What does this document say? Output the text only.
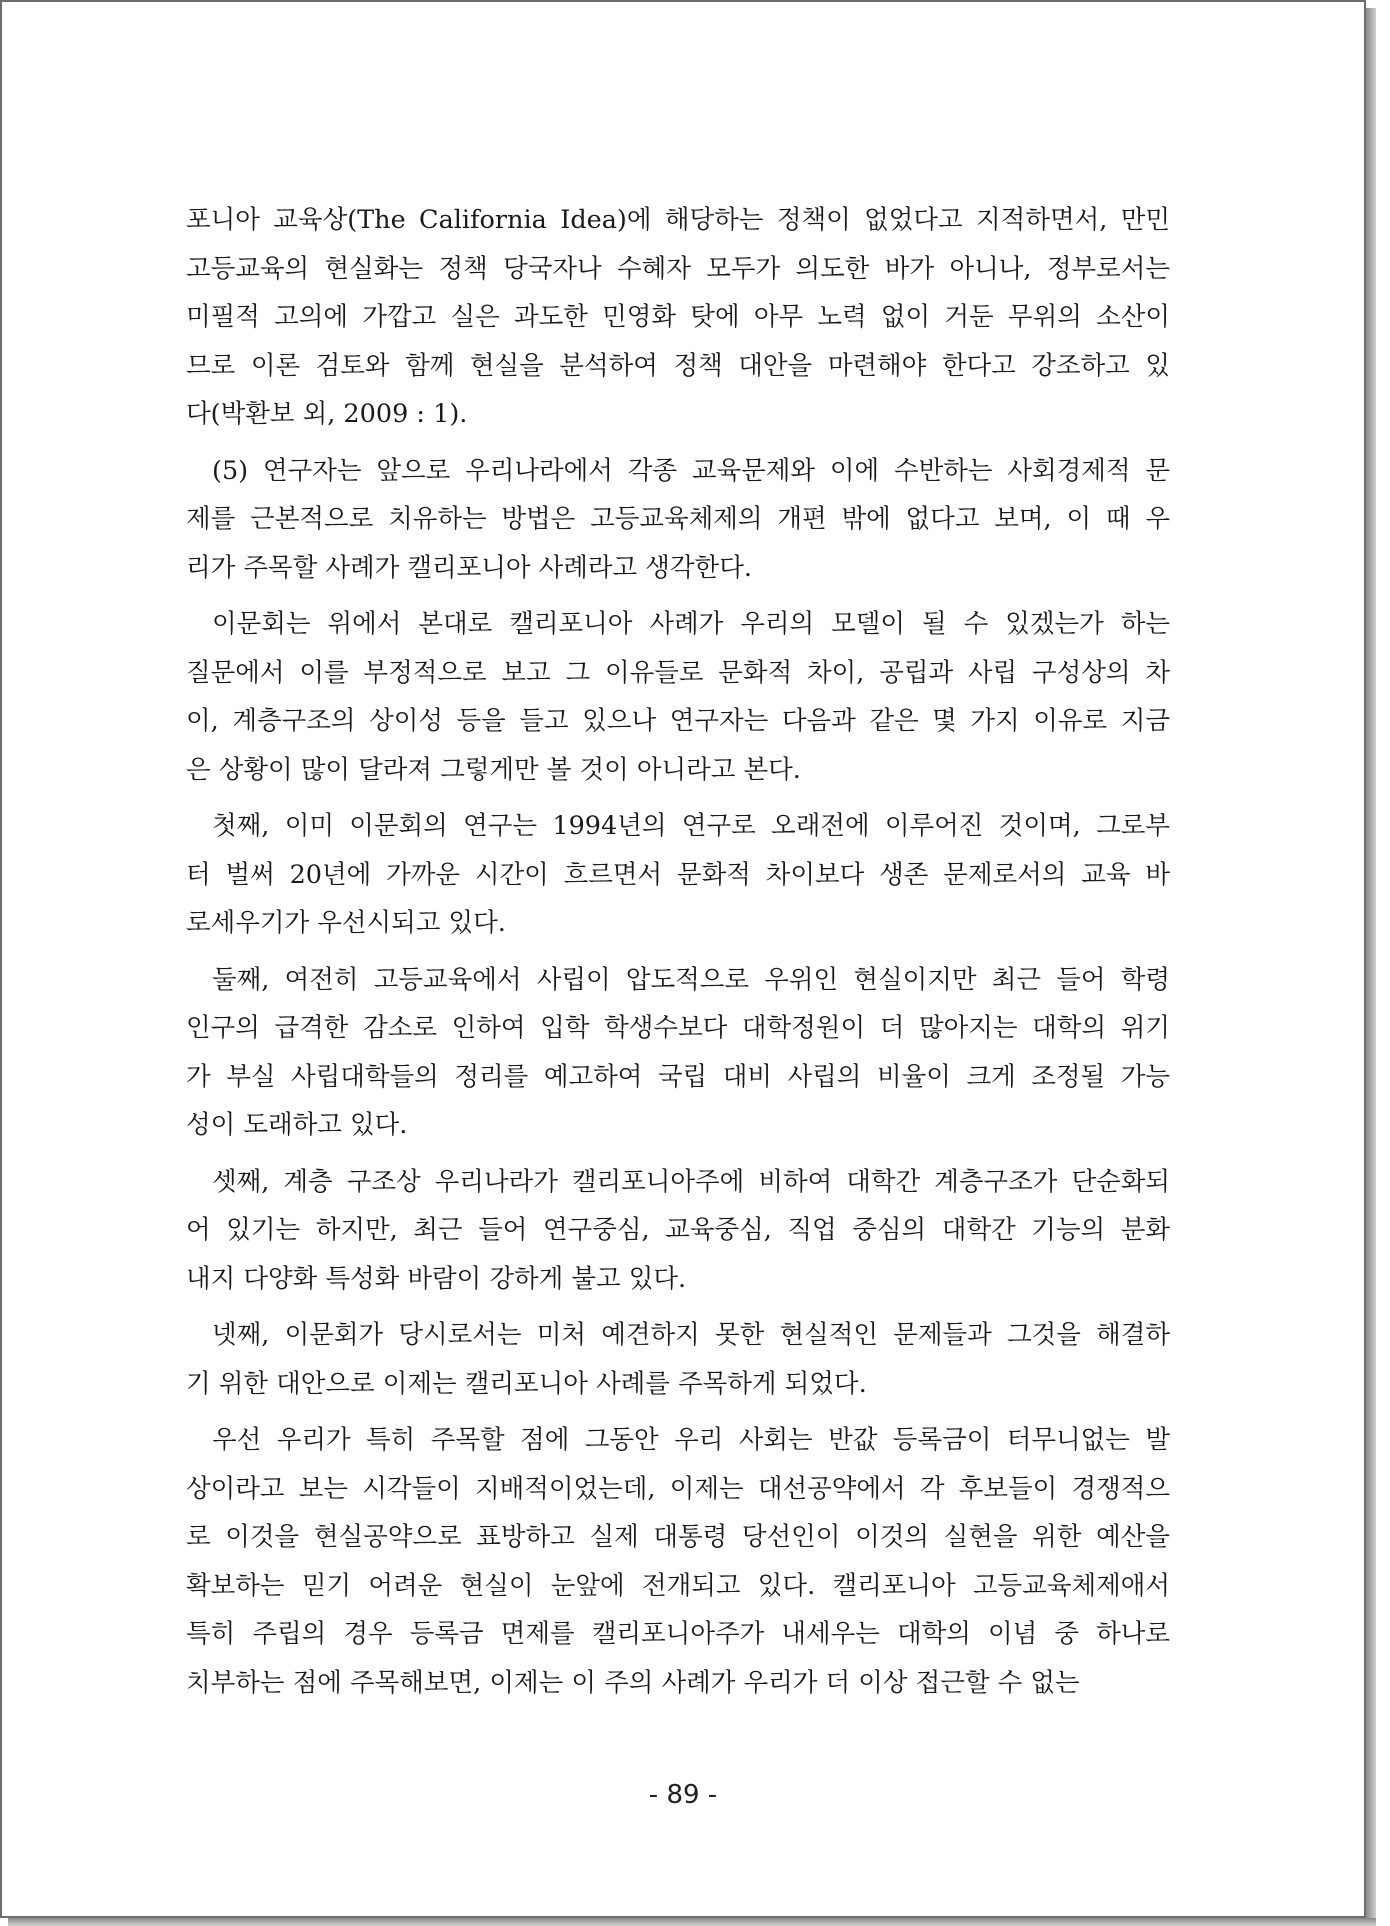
포니아 교육상(The California Idea)에 해당하는 정책이 없었다고 지적하면서, 만민
고등교육의 현실화는 정책 당국자나 수혜자 모두가 의도한 바가 아니나, 정부로서는
미필적 고의에 가깝고 실은 과도한 민영화 탓에 아무 노력 없이 거둔 무위의 소산이
므로 이론 검토와 함께 현실을 분석하여 정책 대안을 마련해야 한다고 강조하고 있
다(박환보 외, 2009 : 1).
(5) 연구자는 앞으로 우리나라에서 각종 교육문제와 이에 수반하는 사회경제적 문
제를 근본적으로 치유하는 방법은 고등교육체제의 개편 밖에 없다고 보며, 이 때 우
리가 주목할 사례가 캘리포니아 사례라고 생각한다.
이문회는 위에서 본대로 캘리포니아 사례가 우리의 모델이 될 수 있겠는가 하는
질문에서 이를 부정적으로 보고 그 이유들로 문화적 차이, 공립과 사립 구성상의 차
이, 계층구조의 상이성 등을 들고 있으나 연구자는 다음과 같은 몇 가지 이유로 지금
은 상황이 많이 달라져 그렇게만 볼 것이 아니라고 본다.
첫째, 이미 이문회의 연구는 1994년의 연구로 오래전에 이루어진 것이며, 그로부
터 벌써 20년에 가까운 시간이 흐르면서 문화적 차이보다 생존 문제로서의 교육 바
로세우기가 우선시되고 있다.
둘째, 여전히 고등교육에서 사립이 압도적으로 우위인 현실이지만 최근 들어 학령
인구의 급격한 감소로 인하여 입학 학생수보다 대학정원이 더 많아지는 대학의 위기
가 부실 사립대학들의 정리를 예고하여 국립 대비 사립의 비율이 크게 조정될 가능
성이 도래하고 있다.
셋째, 계층 구조상 우리나라가 캘리포니아주에 비하여 대학간 계층구조가 단순화되
어 있기는 하지만, 최근 들어 연구중심, 교육중심, 직업 중심의 대학간 기능의 분화
내지 다양화 특성화 바람이 강하게 불고 있다.
넷째, 이문회가 당시로서는 미처 예견하지 못한 현실적인 문제들과 그것을 해결하
기 위한 대안으로 이제는 캘리포니아 사례를 주목하게 되었다.
우선 우리가 특히 주목할 점에 그동안 우리 사회는 반값 등록금이 터무니없는 발
상이라고 보는 시각들이 지배적이었는데, 이제는 대선공약에서 각 후보들이 경쟁적으
로 이것을 현실공약으로 표방하고 실제 대통령 당선인이 이것의 실현을 위한 예산을
확보하는 믿기 어려운 현실이 눈앞에 전개되고 있다. 캘리포니아 고등교육체제애서
특히 주립의 경우 등록금 면제를 캘리포니아주가 내세우는 대학의 이념 중 하나로
치부하는 점에 주목해보면, 이제는 이 주의 사례가 우리가 더 이상 접근할 수 없는
- 89 -
